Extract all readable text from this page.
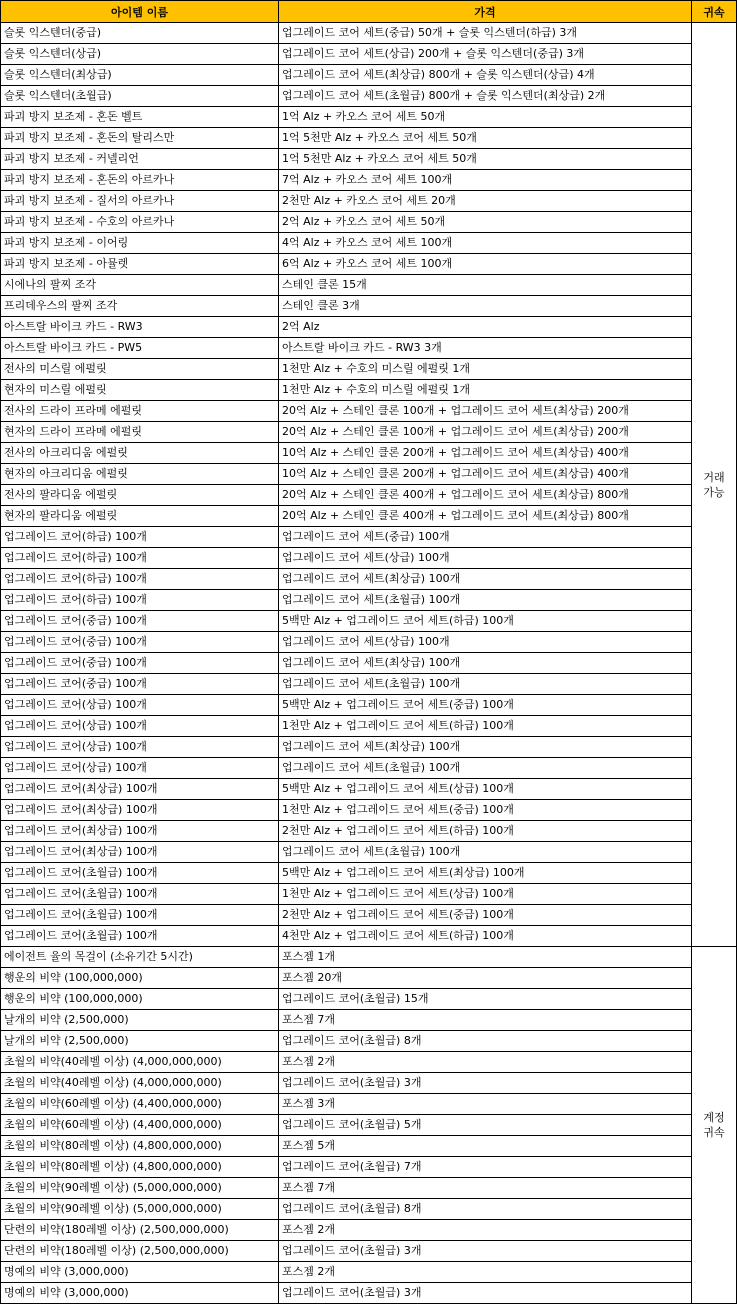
아이템 이름	가격	귀속
슬롯 익스텐더(중급)	업그레이드 코어 세트(중급) 50개 + 슬롯 익스텐더(하급) 3개	거래
가능
슬롯 익스텐더(상급)	업그레이드 코어 세트(상급) 200개 + 슬롯 익스텐더(중급) 3개	
슬롯 익스텐더(최상급)	업그레이드 코어 세트(최상급) 800개 + 슬롯 익스텐더(상급) 4개	
슬롯 익스텐더(초월급)	업그레이드 코어 세트(초월급) 800개 + 슬롯 익스텐더(최상급) 2개	
파괴 방지 보조제 - 혼돈 벨트	1억 Alz + 카오스 코어 세트 50개	
파괴 방지 보조제 - 혼돈의 탈리스만	1억 5천만 Alz + 카오스 코어 세트 50개	
파괴 방지 보조제 - 커넬리언	1억 5천만 Alz + 카오스 코어 세트 50개	
파괴 방지 보조제 - 혼돈의 아르카나	7억 Alz + 카오스 코어 세트 100개	
파괴 방지 보조제 - 질서의 아르카나	2천만 Alz + 카오스 코어 세트 20개	
파괴 방지 보조제 - 수호의 아르카나	2억 Alz + 카오스 코어 세트 50개	
파괴 방지 보조제 - 이어링	4억 Alz + 카오스 코어 세트 100개	
파괴 방지 보조제 - 아뮬렛	6억 Alz + 카오스 코어 세트 100개	
시에나의 팔찌 조각	스테인 클론 15개	
프리데우스의 팔찌 조각	스테인 클론 3개	
아스트랄 바이크 카드 - RW3	2억 Alz	
아스트랄 바이크 카드 - PW5	아스트랄 바이크 카드 - RW3 3개	
전사의 미스릴 에펄릿	1천만 Alz + 수호의 미스릴 에펄릿 1개	
현자의 미스릴 에펄릿	1천만 Alz + 수호의 미스릴 에펄릿 1개	
전사의 드라이 프라메 에펄릿	20억 Alz + 스테인 클론 100개 + 업그레이드 코어 세트(최상급) 200개	
현자의 드라이 프라메 에펄릿	20억 Alz + 스테인 클론 100개 + 업그레이드 코어 세트(최상급) 200개	
전사의 아크리디움 에펄릿	10억 Alz + 스테인 클론 200개 + 업그레이드 코어 세트(최상급) 400개	
현자의 아크리디움 에펄릿	10억 Alz + 스테인 클론 200개 + 업그레이드 코어 세트(최상급) 400개	
전사의 팔라디움 에펄릿	20억 Alz + 스테인 클론 400개 + 업그레이드 코어 세트(최상급) 800개	
현자의 팔라디움 에펄릿	20억 Alz + 스테인 클론 400개 + 업그레이드 코어 세트(최상급) 800개	
업그레이드 코어(하급) 100개	업그레이드 코어 세트(중급) 100개	
업그레이드 코어(하급) 100개	업그레이드 코어 세트(상급) 100개	
업그레이드 코어(하급) 100개	업그레이드 코어 세트(최상급) 100개	
업그레이드 코어(하급) 100개	업그레이드 코어 세트(초월급) 100개	
업그레이드 코어(중급) 100개	5백만 Alz + 업그레이드 코어 세트(하급) 100개	
업그레이드 코어(중급) 100개	업그레이드 코어 세트(상급) 100개	
업그레이드 코어(중급) 100개	업그레이드 코어 세트(최상급) 100개	
업그레이드 코어(중급) 100개	업그레이드 코어 세트(초월급) 100개	
업그레이드 코어(상급) 100개	5백만 Alz + 업그레이드 코어 세트(중급) 100개	
업그레이드 코어(상급) 100개	1천만 Alz + 업그레이드 코어 세트(하급) 100개	
업그레이드 코어(상급) 100개	업그레이드 코어 세트(최상급) 100개	
업그레이드 코어(상급) 100개	업그레이드 코어 세트(초월급) 100개	
업그레이드 코어(최상급) 100개	5백만 Alz + 업그레이드 코어 세트(상급) 100개	
업그레이드 코어(최상급) 100개	1천만 Alz + 업그레이드 코어 세트(중급) 100개	
업그레이드 코어(최상급) 100개	2천만 Alz + 업그레이드 코어 세트(하급) 100개	
업그레이드 코어(최상급) 100개	업그레이드 코어 세트(초월급) 100개	
업그레이드 코어(초월급) 100개	5백만 Alz + 업그레이드 코어 세트(최상급) 100개	
업그레이드 코어(초월급) 100개	1천만 Alz + 업그레이드 코어 세트(상급) 100개	
업그레이드 코어(초월급) 100개	2천만 Alz + 업그레이드 코어 세트(중급) 100개	
업그레이드 코어(초월급) 100개	4천만 Alz + 업그레이드 코어 세트(하급) 100개	
에이전트 율의 목걸이 (소유기간 5시간)	포스젬 1개	계정
귀속
행운의 비약 (100,000,000)	포스젬 20개	
행운의 비약 (100,000,000)	업그레이드 코어(초월급) 15개	
날개의 비약 (2,500,000)	포스젬 7개	
날개의 비약 (2,500,000)	업그레이드 코어(초월급) 8개	
초월의 비약(40레벨 이상) (4,000,000,000)	포스젬 2개	
초월의 비약(40레벨 이상) (4,000,000,000)	업그레이드 코어(초월급) 3개	
초월의 비약(60레벨 이상) (4,400,000,000)	포스젬 3개	
초월의 비약(60레벨 이상) (4,400,000,000)	업그레이드 코어(초월급) 5개	
초월의 비약(80레벨 이상) (4,800,000,000)	포스젬 5개	
초월의 비약(80레벨 이상) (4,800,000,000)	업그레이드 코어(초월급) 7개	
초월의 비약(90레벨 이상) (5,000,000,000)	포스젬 7개	
초월의 비약(90레벨 이상) (5,000,000,000)	업그레이드 코어(초월급) 8개	
단련의 비약(180레벨 이상) (2,500,000,000)	포스젬 2개	
단련의 비약(180레벨 이상) (2,500,000,000)	업그레이드 코어(초월급) 3개	
명예의 비약 (3,000,000)	포스젬 2개	
명예의 비약 (3,000,000)	업그레이드 코어(초월급) 3개	
